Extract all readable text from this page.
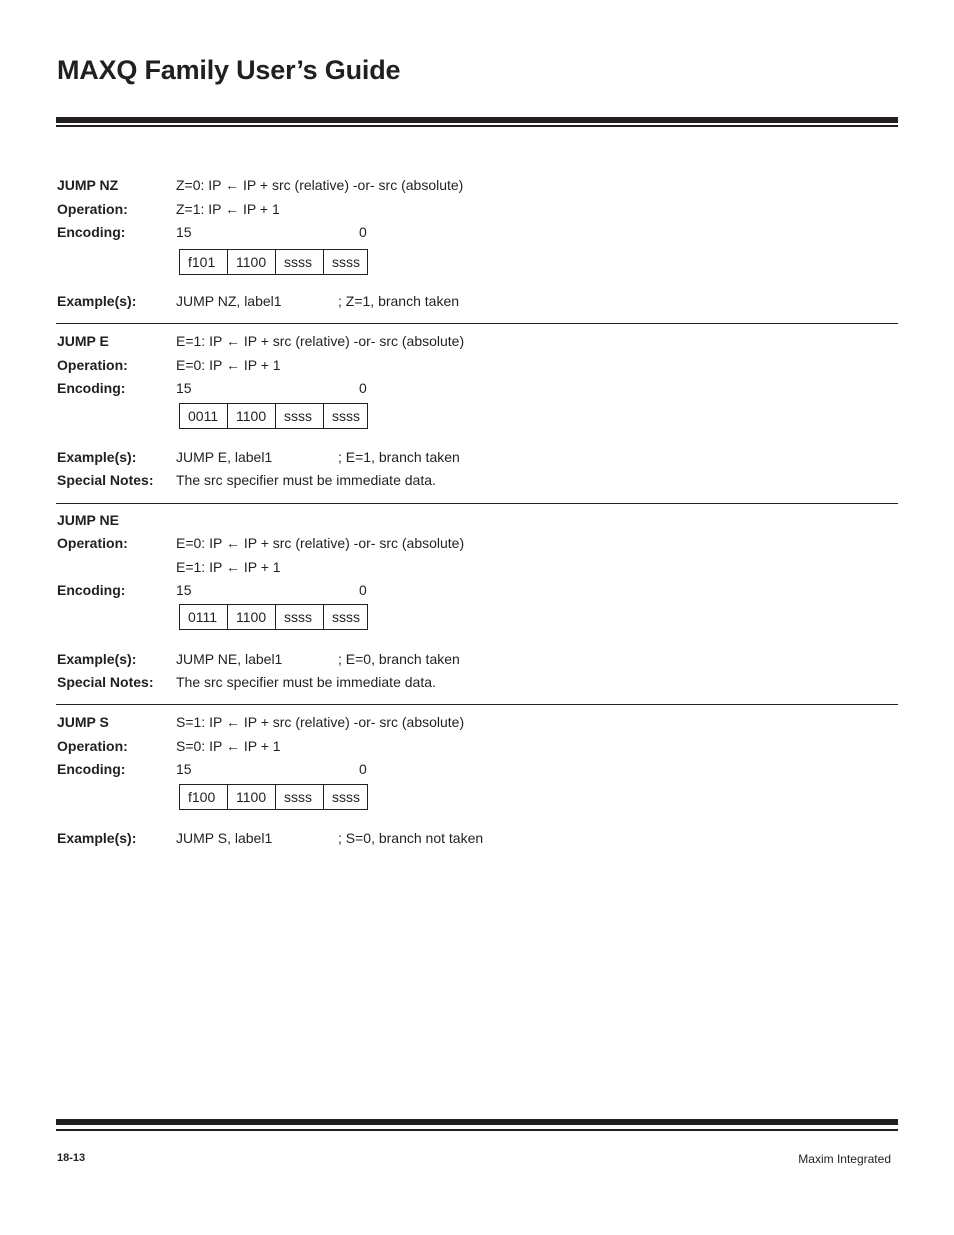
MAXQ Family User’s Guide
JUMP NZ	Z=0: IP ← IP + src (relative) -or- src (absolute)
Operation:	Z=1: IP ← IP + 1
Encoding:	15	0
f101	1100	ssss	ssss
Example(s):	JUMP NZ, label1	; Z=1, branch taken
JUMP E	E=1: IP ← IP + src (relative) -or- src (absolute)
Operation:	E=0: IP ← IP + 1
Encoding:	15	0
0011	1100	ssss	ssss
Example(s):	JUMP E, label1	; E=1, branch taken
Special Notes: The src specifier must be immediate data.
JUMP NE
Operation:	E=0: IP ← IP + src (relative) -or- src (absolute)
E=1: IP ← IP + 1
Encoding:	15	0
0111	1100	ssss	ssss
Example(s):	JUMP NE, label1	; E=0, branch taken
Special Notes: The src specifier must be immediate data.
JUMP S	S=1: IP ← IP + src (relative) -or- src (absolute)
Operation:	S=0: IP ← IP + 1
Encoding:	15	0
f100	1100	ssss	ssss
Example(s):	JUMP S, label1	; S=0, branch not taken
18-13	Maxim Integrated
